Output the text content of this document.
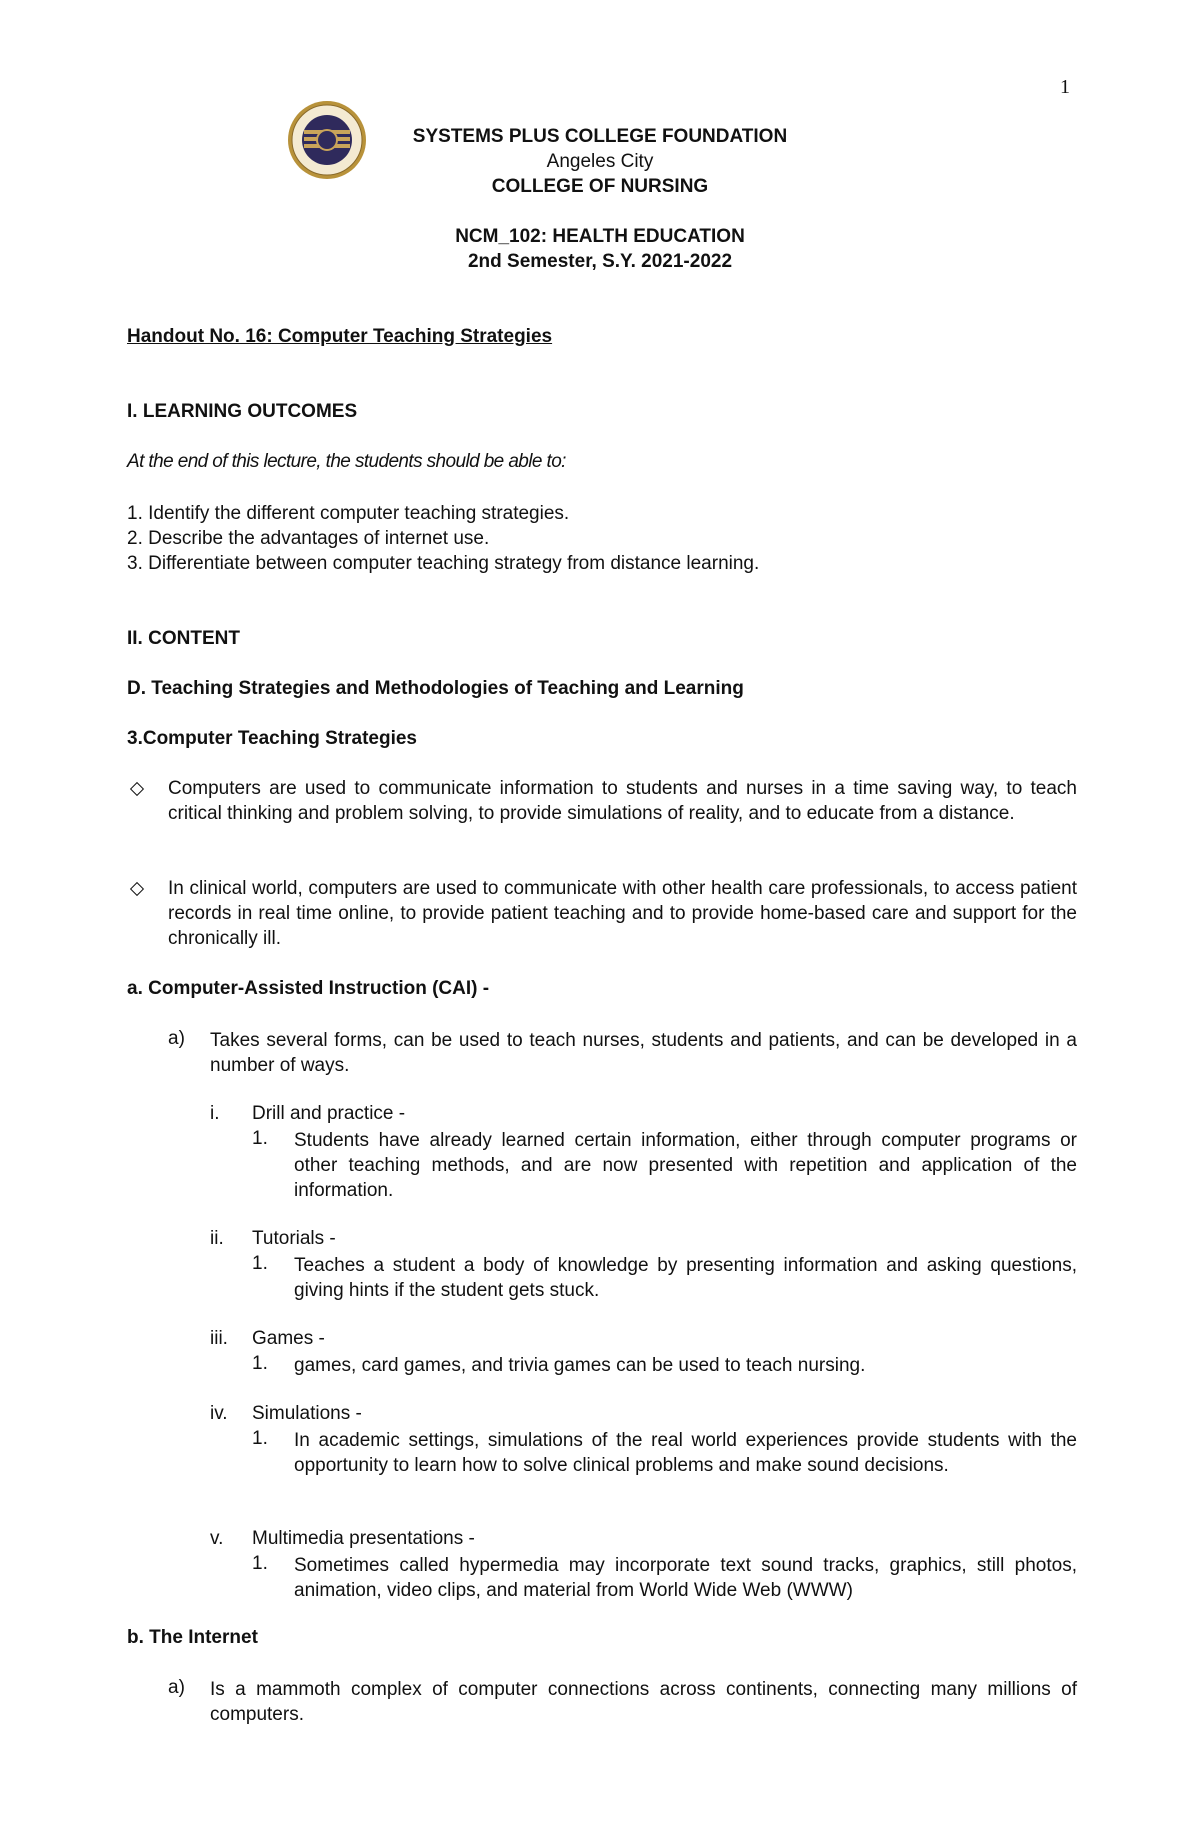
1
SYSTEMS PLUS COLLEGE FOUNDATION
Angeles City
COLLEGE OF NURSING
NCM_102: HEALTH EDUCATION
2nd Semester, S.Y. 2021-2022
Handout No. 16: Computer Teaching Strategies
I. LEARNING OUTCOMES
At the end of this lecture, the students should be able to:
1. Identify the different computer teaching strategies.
2. Describe the advantages of internet use.
3. Differentiate between computer teaching strategy from distance learning.
II. CONTENT
D. Teaching Strategies and Methodologies of Teaching and Learning
3.Computer Teaching Strategies
Computers are used to communicate information to students and nurses in a time saving way, to teach critical thinking and problem solving, to provide simulations of reality, and to educate from a distance.
In clinical world, computers are used to communicate with other health care professionals, to access patient records in real time online, to provide patient teaching and to provide home-based care and support for the chronically ill.
a. Computer-Assisted Instruction (CAI) -
a) Takes several forms, can be used to teach nurses, students and patients, and can be developed in a number of ways.
i. Drill and practice -
1. Students have already learned certain information, either through computer programs or other teaching methods, and are now presented with repetition and application of the information.
ii. Tutorials -
1. Teaches a student a body of knowledge by presenting information and asking questions, giving hints if the student gets stuck.
iii. Games -
1. games, card games, and trivia games can be used to teach nursing.
iv. Simulations -
1. In academic settings, simulations of the real world experiences provide students with the opportunity to learn how to solve clinical problems and make sound decisions.
v. Multimedia presentations -
1. Sometimes called hypermedia may incorporate text sound tracks, graphics, still photos, animation, video clips, and material from World Wide Web (WWW)
b. The Internet
a) Is a mammoth complex of computer connections across continents, connecting many millions of computers.
